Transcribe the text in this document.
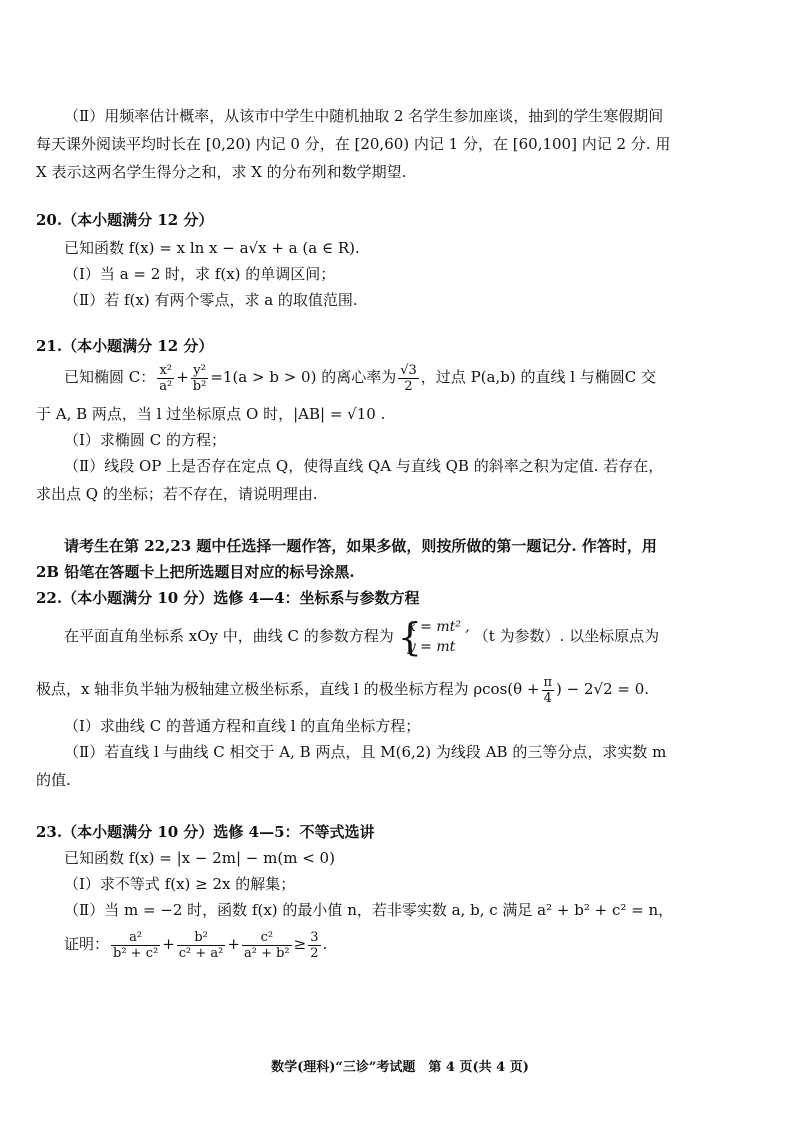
（Ⅱ）用频率估计概率，从该市中学生中随机抽取 2 名学生参加座谈，抽到的学生寒假期间
每天课外阅读平均时长在 [0,20) 内记 0 分，在 [20,60) 内记 1 分，在 [60,100] 内记 2 分. 用
X 表示这两名学生得分之和，求 X 的分布列和数学期望.
20.（本小题满分 12 分）
已知函数 f(x) = x ln x − a√x + a (a ∈ R).
（Ⅰ）当 a = 2 时，求 f(x) 的单调区间；
（Ⅱ）若 f(x) 有两个零点，求 a 的取值范围.
21.（本小题满分 12 分）
已知椭圆 C： $\frac{\text{x²}}{\text{a²}} + \frac{\text{y²}}{\text{b²}} =1(a > b > 0)$ 的离心率为 $\frac{√3}{2}$ ，过点 P(a,b) 的直线 l 与椭圆C 交
于 A, B 两点，当 l 过坐标原点 O 时，|AB| = √10 .
（Ⅰ）求椭圆 C 的方程；
（Ⅱ）线段 OP 上是否存在定点 Q，使得直线 QA 与直线 QB 的斜率之积为定值. 若存在，
求出点 Q 的坐标；若不存在，请说明理由.
请考生在第 22,23 题中任选择一题作答，如果多做，则按所做的第一题记分. 作答时，用
2B 铅笔在答题卡上把所选题目对应的标号涂黑.
22.（本小题满分 10 分）选修 4—4：坐标系与参数方程
在平面直角坐标系 xOy 中，曲线 C 的参数方程为 {
x = mt² ,
y = mt
（t 为参数）. 以坐标原点为
极点，x 轴非负半轴为极轴建立极坐标系，直线 l 的极坐标方程为 $\rho\cos(\theta + \frac{\pi}{4}$ ) − 2√2 = 0.
（Ⅰ）求曲线 C 的普通方程和直线 l 的直角坐标方程；
（Ⅱ）若直线 l 与曲线 C 相交于 A, B 两点，且 M(6,2) 为线段 AB 的三等分点，求实数 m
的值.
23.（本小题满分 10 分）选修 4—5：不等式选讲
已知函数 f(x) = |x − 2m| − m(m < 0)
（Ⅰ）求不等式 f(x) ≥ 2x 的解集；
（Ⅱ）当 m = −2 时，函数 f(x) 的最小值 n，若非零实数 a, b, c 满足 a² + b² + c² = n，
证明： $\frac{\text{a²}}{\text{b² + c²}} + \frac{\text{b²}}{\text{c² + a²}} + \frac{\text{c²}}{\text{a² + b²}} \ge \frac{3}{2}$ .
数学(理科)“三诊”考试题　第 4 页(共 4 页)
